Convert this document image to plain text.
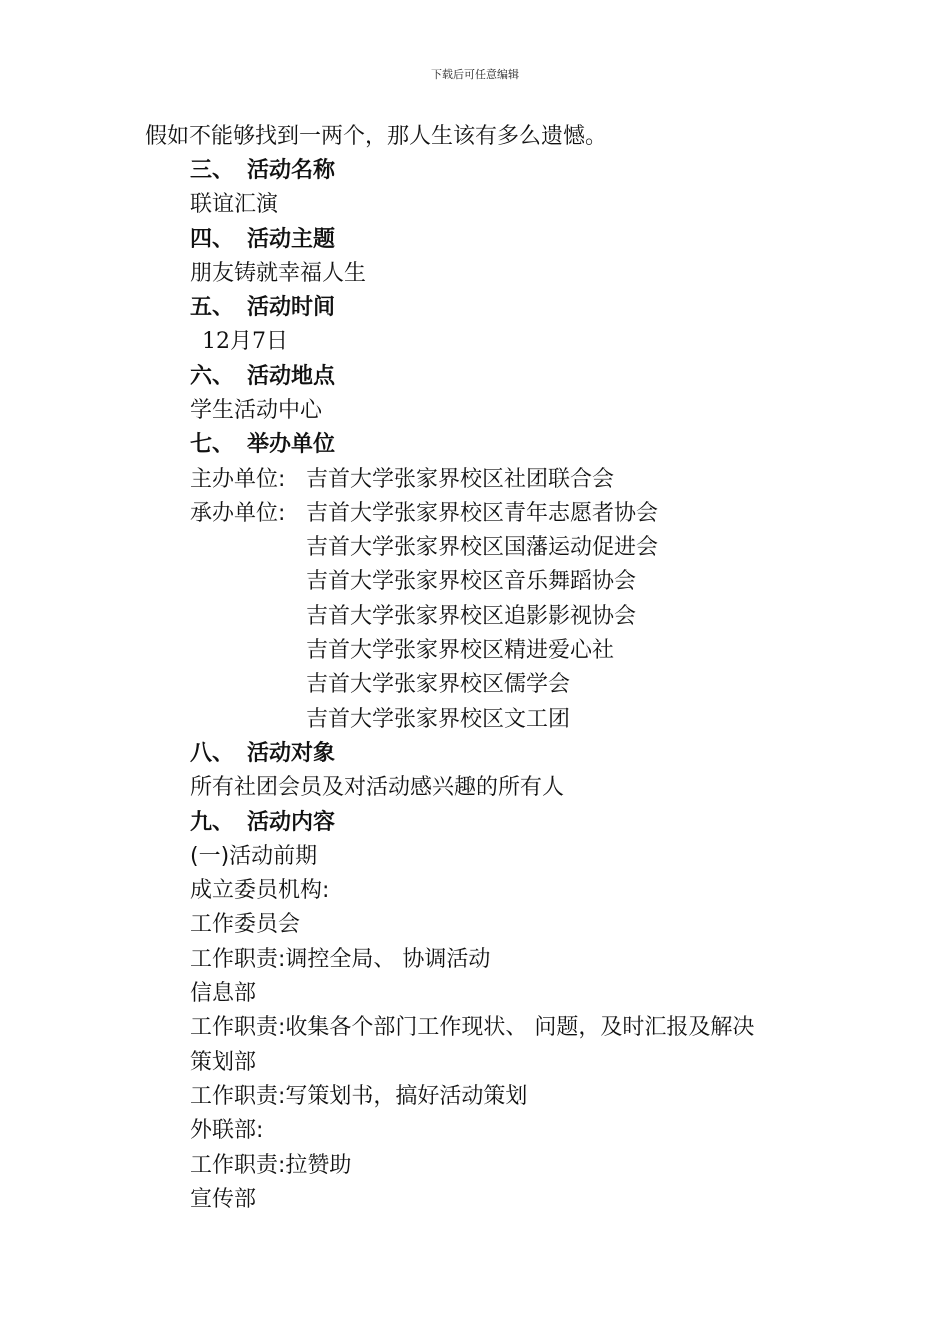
下载后可任意编辑
假如不能够找到一两个，那人生该有多么遗憾。
三、 活动名称
联谊汇演
四、 活动主题
朋友铸就幸福人生
五、 活动时间
12月7日
六、 活动地点
学生活动中心
七、 举办单位
主办单位: 吉首大学张家界校区社团联合会
承办单位: 吉首大学张家界校区青年志愿者协会
吉首大学张家界校区国藩运动促进会
吉首大学张家界校区音乐舞蹈协会
吉首大学张家界校区追影影视协会
吉首大学张家界校区精进爱心社
吉首大学张家界校区儒学会
吉首大学张家界校区文工团
八、 活动对象
所有社团会员及对活动感兴趣的所有人
九、 活动内容
(一)活动前期
成立委员机构:
工作委员会
工作职责:调控全局、 协调活动
信息部
工作职责:收集各个部门工作现状、 问题，及时汇报及解决
策划部
工作职责:写策划书，搞好活动策划
外联部:
工作职责:拉赞助
宣传部
